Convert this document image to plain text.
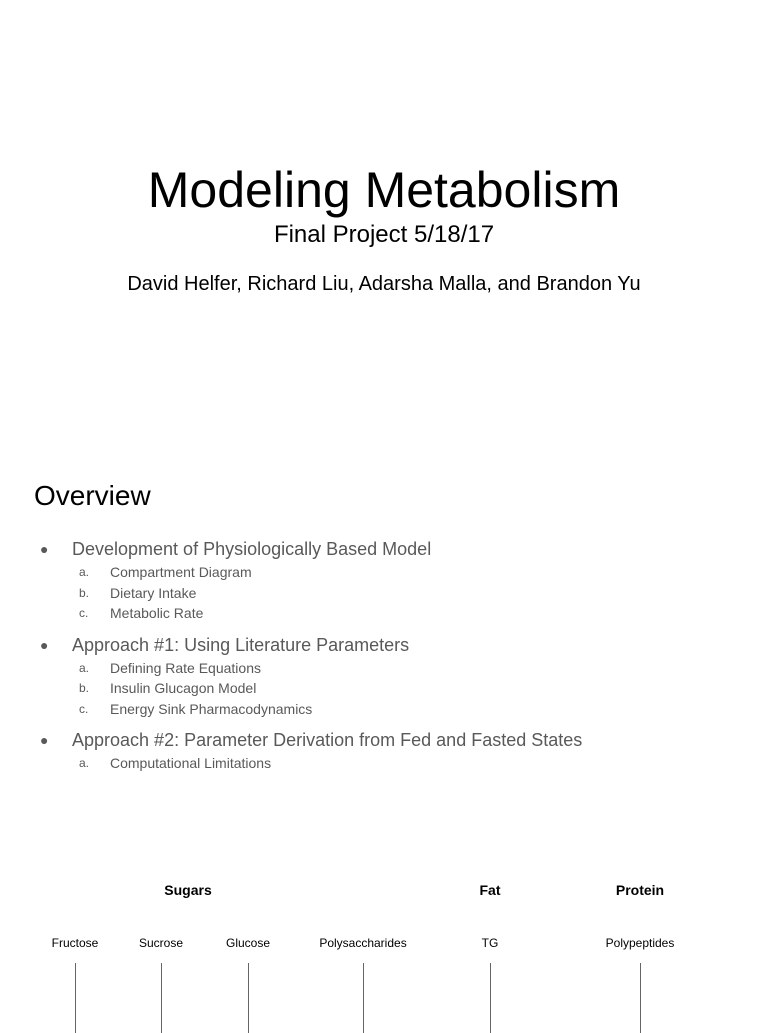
Modeling Metabolism
Final Project 5/18/17
David Helfer, Richard Liu, Adarsha Malla, and Brandon Yu
Overview
● Development of Physiologically Based Model
a. Compartment Diagram
b. Dietary Intake
c. Metabolic Rate
● Approach #1: Using Literature Parameters
a. Defining Rate Equations
b. Insulin Glucagon Model
c. Energy Sink Pharmacodynamics
● Approach #2: Parameter Derivation from Fed and Fasted States
a. Computational Limitations
Sugars	Fat	Protein
Fructose	Sucrose	Glucose	Polysaccharides	TG	Polypeptides
